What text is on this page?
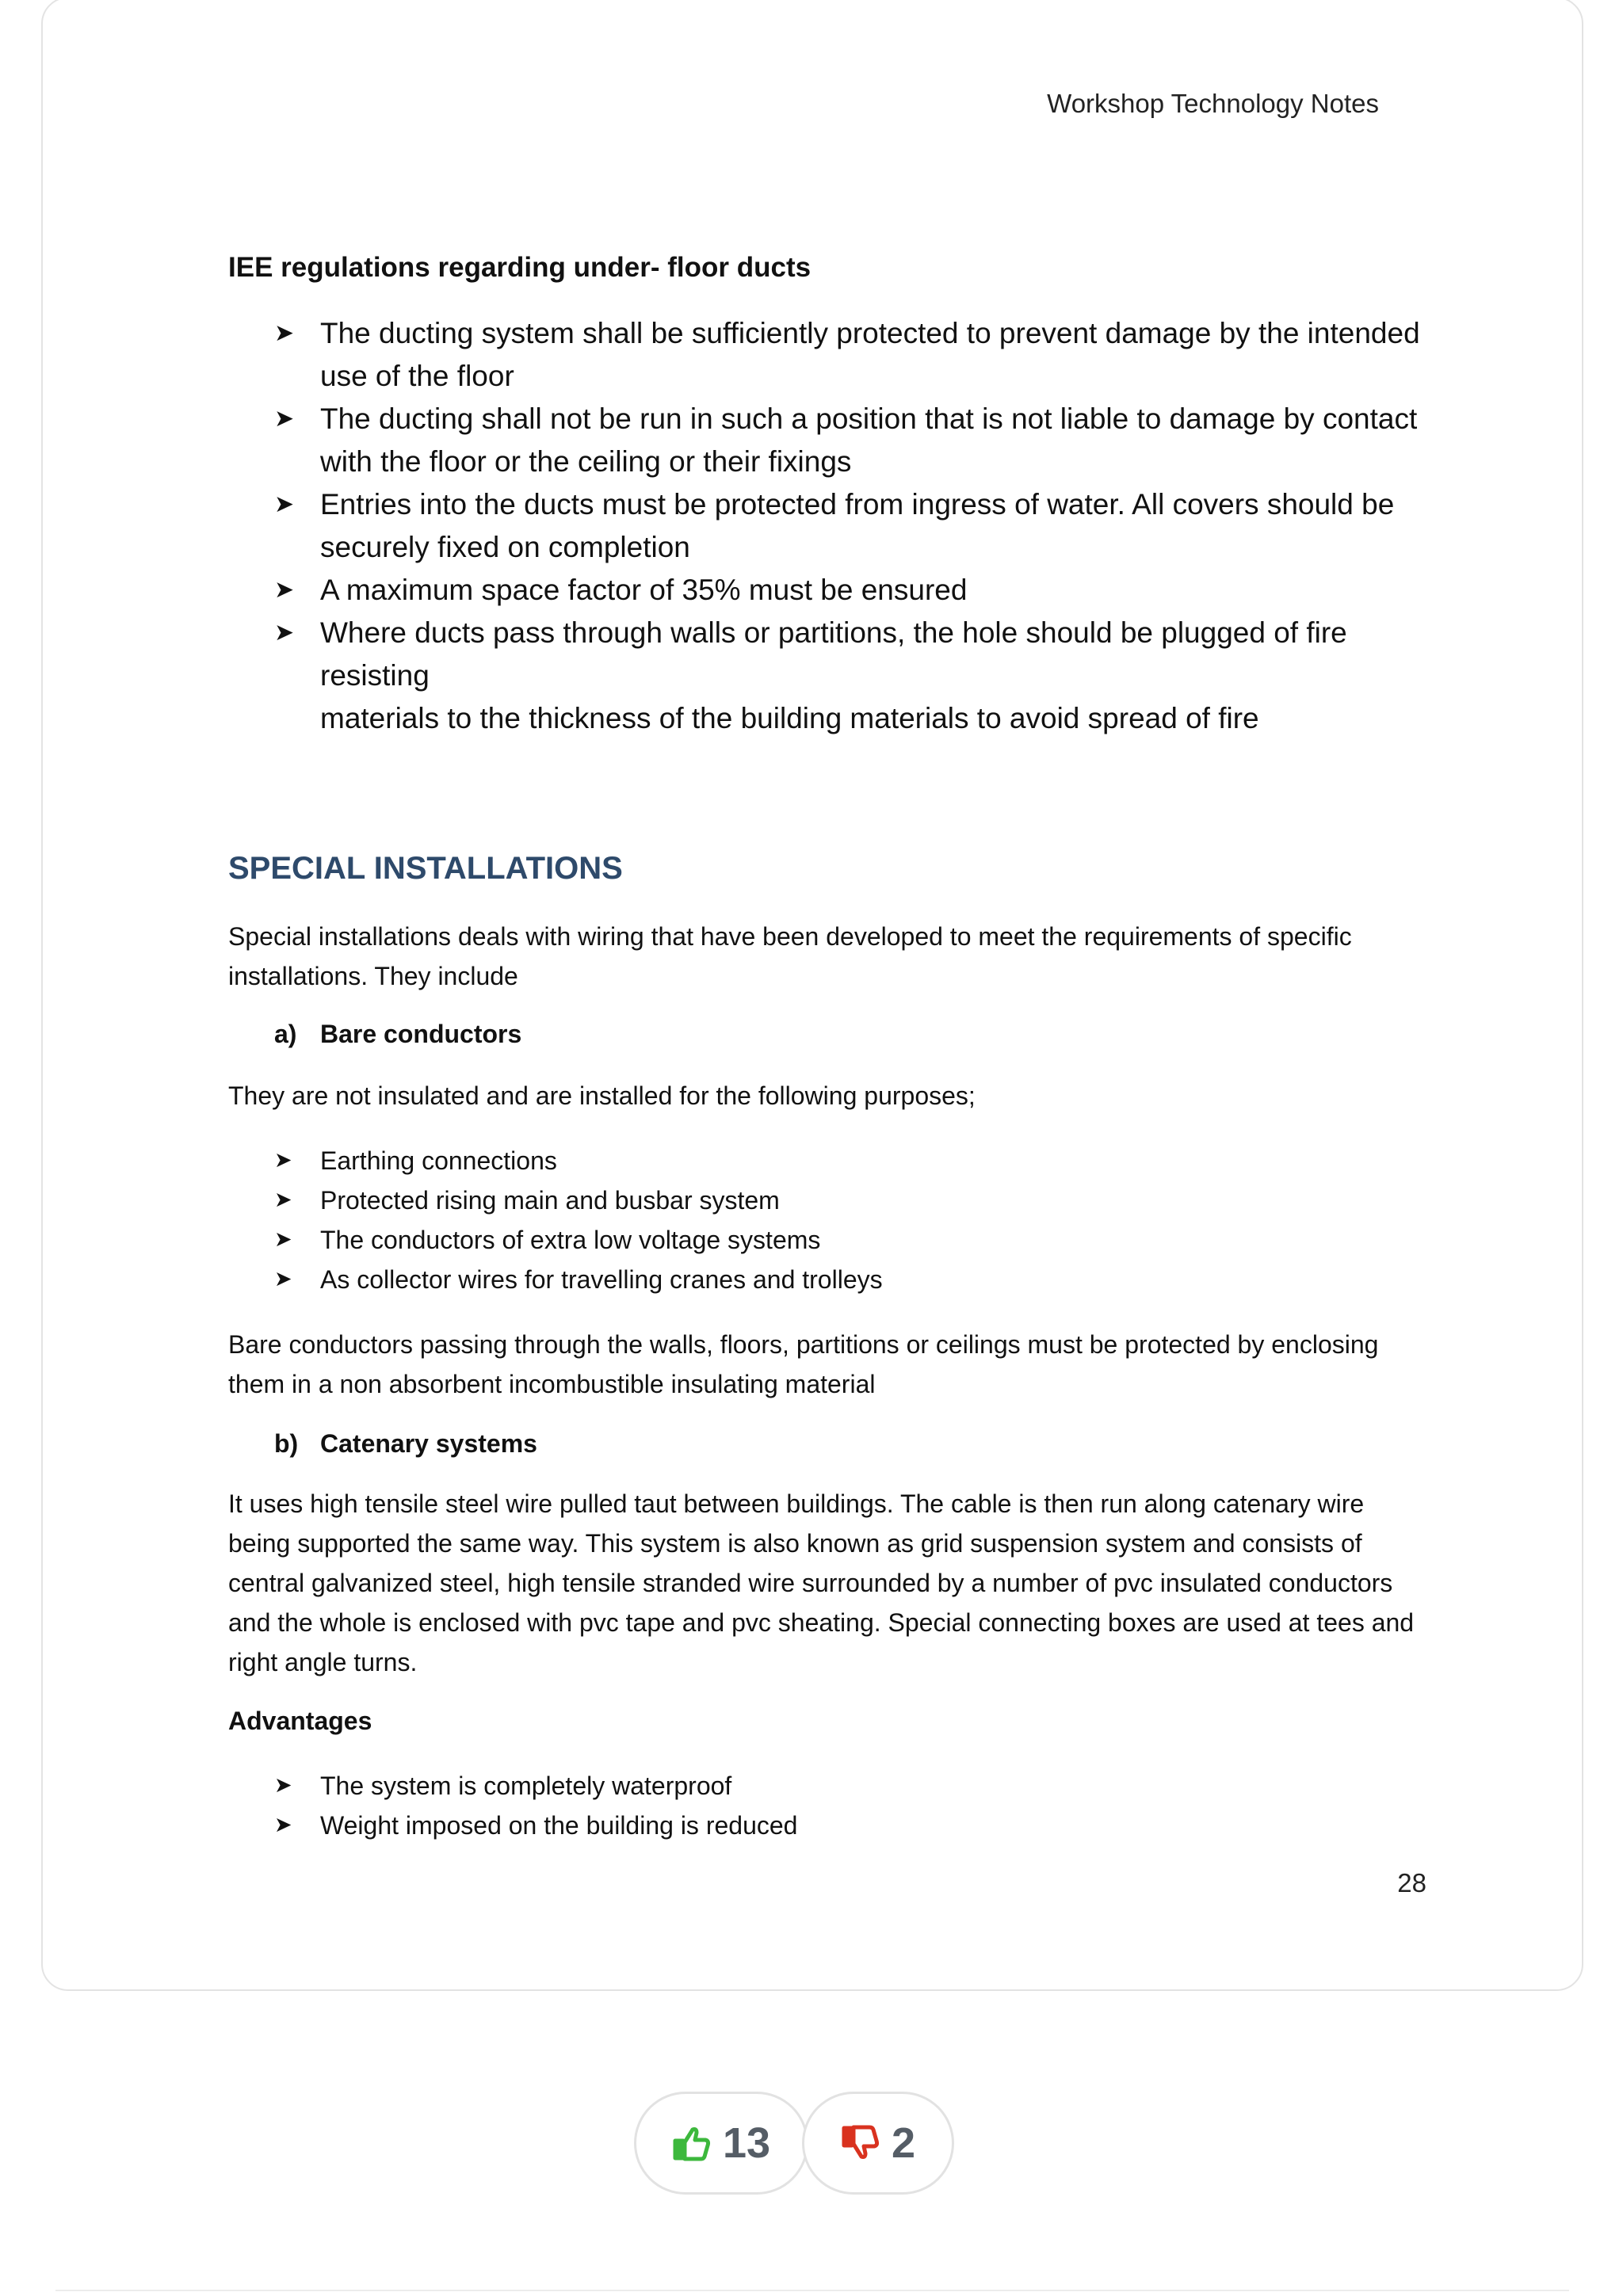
Workshop Technology Notes
IEE regulations regarding under- floor ducts
➤ The ducting system shall be sufficiently protected to prevent damage by the intended
use of the floor
➤ The ducting shall not be run in such a position that is not liable to damage by contact
with the floor or the ceiling or their fixings
➤ Entries into the ducts must be protected from ingress of water. All covers should be
securely fixed on completion
➤ A maximum space factor of 35% must be ensured
➤ Where ducts pass through walls or partitions, the hole should be plugged of fire resisting
materials to the thickness of the building materials to avoid spread of fire
SPECIAL INSTALLATIONS
Special installations deals with wiring that have been developed to meet the requirements of specific
installations. They include
a) Bare conductors
They are not insulated and are installed for the following purposes;
➤ Earthing connections
➤ Protected rising main and busbar system
➤ The conductors of extra low voltage systems
➤ As collector wires for travelling cranes and trolleys
Bare conductors passing through the walls, floors, partitions or ceilings must be protected by enclosing
them in a non absorbent incombustible insulating material
b) Catenary systems
It uses high tensile steel wire pulled taut between buildings. The cable is then run along catenary wire
being supported the same way. This system is also known as grid suspension system and consists of
central galvanized steel, high tensile stranded wire surrounded by a number of pvc insulated conductors
and the whole is enclosed with pvc tape and pvc sheating. Special connecting boxes are used at tees and
right angle turns.
Advantages
➤ The system is completely waterproof
➤ Weight imposed on the building is reduced
28
13	2
